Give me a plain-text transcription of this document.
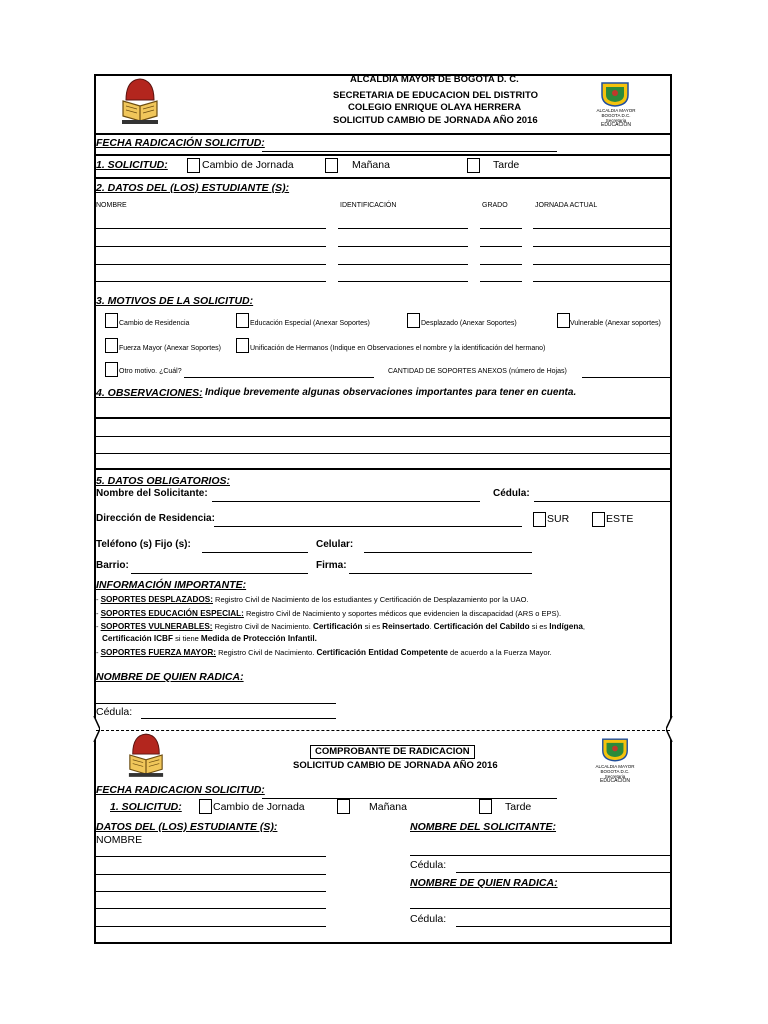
ALCALDIA MAYOR DE BOGOTA D. C.
SECRETARIA DE EDUCACION DEL DISTRITO
COLEGIO ENRIQUE OLAYA HERRERA
SOLICITUD CAMBIO DE JORNADA AÑO 2016
ALCALDIA MAYOR
BOGOTA D.C.
Secretaria
EDUCACION
FECHA RADICACIÓN SOLICITUD:
1. SOLICITUD:	Cambio de Jornada	Mañana	Tarde
2. DATOS DEL (LOS) ESTUDIANTE (S):
NOMBRE	IDENTIFICACIÓN	GRADO	JORNADA ACTUAL
3. MOTIVOS DE LA SOLICITUD:
Cambio de Residencia	Educación Especial (Anexar Soportes)	Desplazado (Anexar Soportes)	Vulnerable (Anexar soportes)
Fuerza Mayor (Anexar Soportes)	Unificación de Hermanos (Indique en Observaciones el nombre y la identificación del hermano)
Otro motivo. ¿Cuál?	CANTIDAD DE SOPORTES ANEXOS (número de Hojas)
4. OBSERVACIONES: Indique brevemente algunas observaciones importantes para tener en cuenta.
5. DATOS OBLIGATORIOS:
Nombre del Solicitante:	Cédula:
Dirección de Residencia:	SUR	ESTE
Teléfono (s) Fijo (s):	Celular:
Barrio:	Firma:
INFORMACIÓN IMPORTANTE:
- SOPORTES DESPLAZADOS: Registro Civil de Nacimiento de los estudiantes y Certificación de Desplazamiento por la UAO.
- SOPORTES EDUCACIÓN ESPECIAL: Registro Civil de Nacimiento y soportes médicos que evidencien la discapacidad (ARS o EPS).
- SOPORTES VULNERABLES: Registro Civil de Nacimiento. Certificación si es Reinsertado. Certificación del Cabildo si es Indígena,
Certificación ICBF si tiene Medida de Protección Infantil.
- SOPORTES FUERZA MAYOR: Registro Civil de Nacimiento. Certificación Entidad Competente de acuerdo a la Fuerza Mayor.
NOMBRE DE QUIEN RADICA:
Cédula:
COMPROBANTE DE RADICACION
SOLICITUD CAMBIO DE JORNADA AÑO 2016	ALCALDIA MAYOR
BOGOTA D.C.
Secretaria
EDUCACION
FECHA RADICACION SOLICITUD:
1. SOLICITUD:	Cambio de Jornada	Mañana	Tarde
DATOS DEL (LOS) ESTUDIANTE (S):
NOMBRE
NOMBRE DEL SOLICITANTE:
Cédula:
NOMBRE DE QUIEN RADICA:
Cédula:
